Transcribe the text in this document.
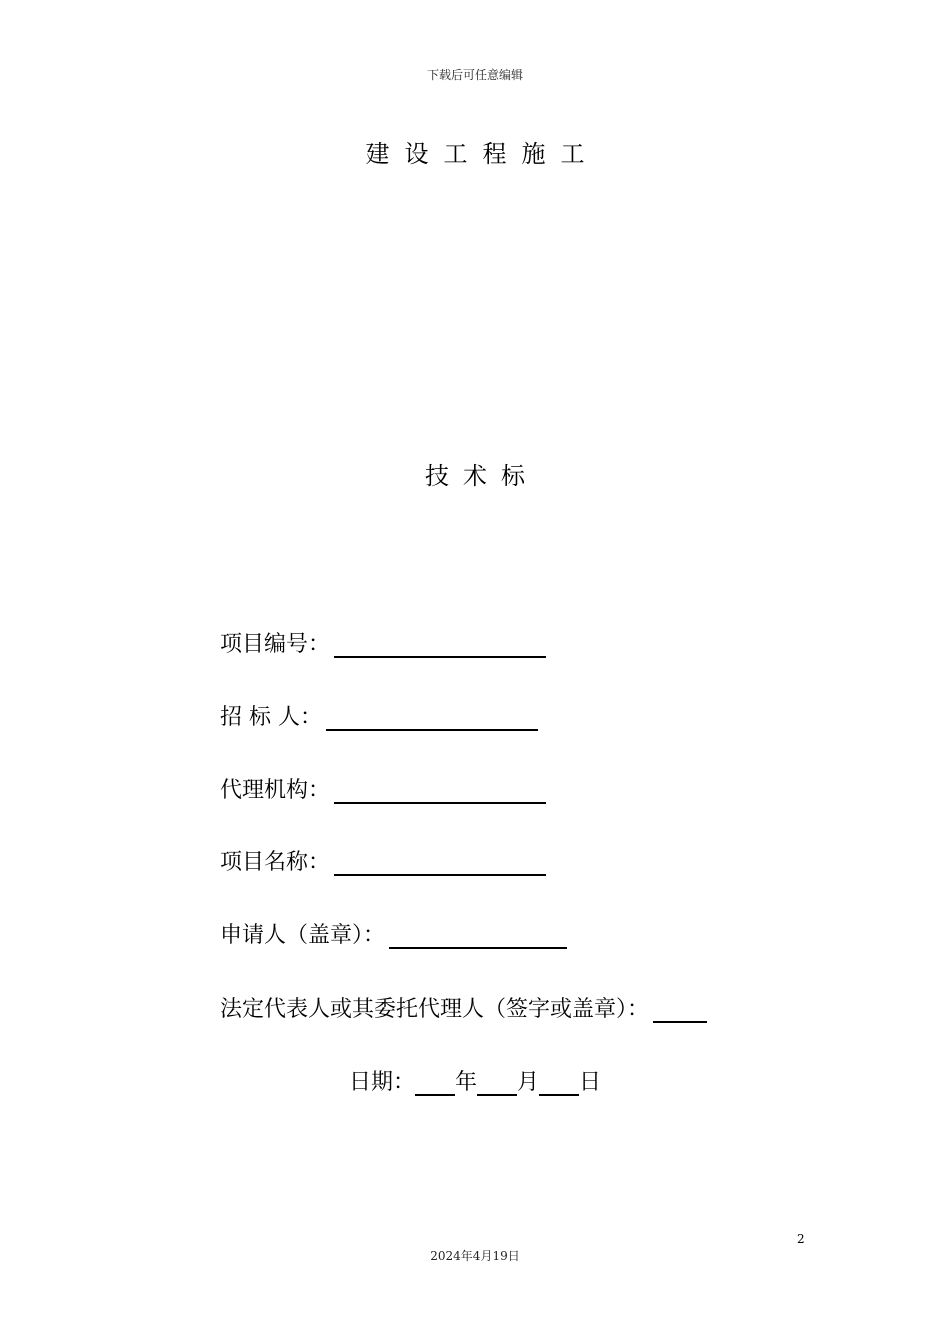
下载后可任意编辑
建设工程施工
技术标
项目编号：
招 标 人：
代理机构：
项目名称：
申请人（盖章）：
法定代表人或其委托代理人（签字或盖章）：
日期： 年 月 日
2
2024年4月19日
